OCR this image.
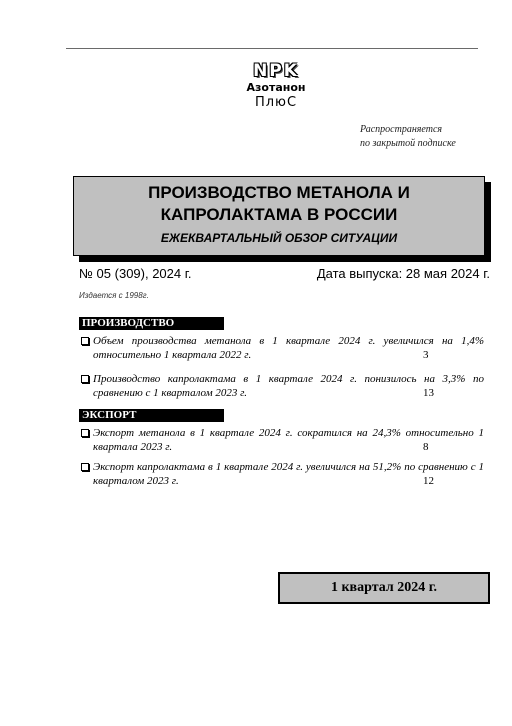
NPK
Азотанон
ПлюС
Распространяется
по закрытой подписке
ПРОИЗВОДСТВО МЕТАНОЛА И
КАПРОЛАКТАМА В РОССИИ
ЕЖЕКВАРТАЛЬНЫЙ ОБЗОР СИТУАЦИИ
№ 05 (309), 2024 г.	Дата выпуска: 28 мая 2024 г.
Издается с 1998г.
ПРОИЗВОДСТВО
Объем производства метанола в 1 квартале 2024 г. увеличился на 1,4% относительно 1 квартала 2022 г.	3
Производство капролактама в 1 квартале 2024 г. понизилось на 3,3% по сравнению с 1 кварталом 2023 г.	13
ЭКСПОРТ
Экспорт метанола в 1 квартале 2024 г. сократился на 24,3% относительно 1 квартала 2023 г.	8
Экспорт капролактама в 1 квартале 2024 г. увеличился на 51,2% по сравнению с 1 кварталом 2023 г.	12
1 квартал 2024 г.
